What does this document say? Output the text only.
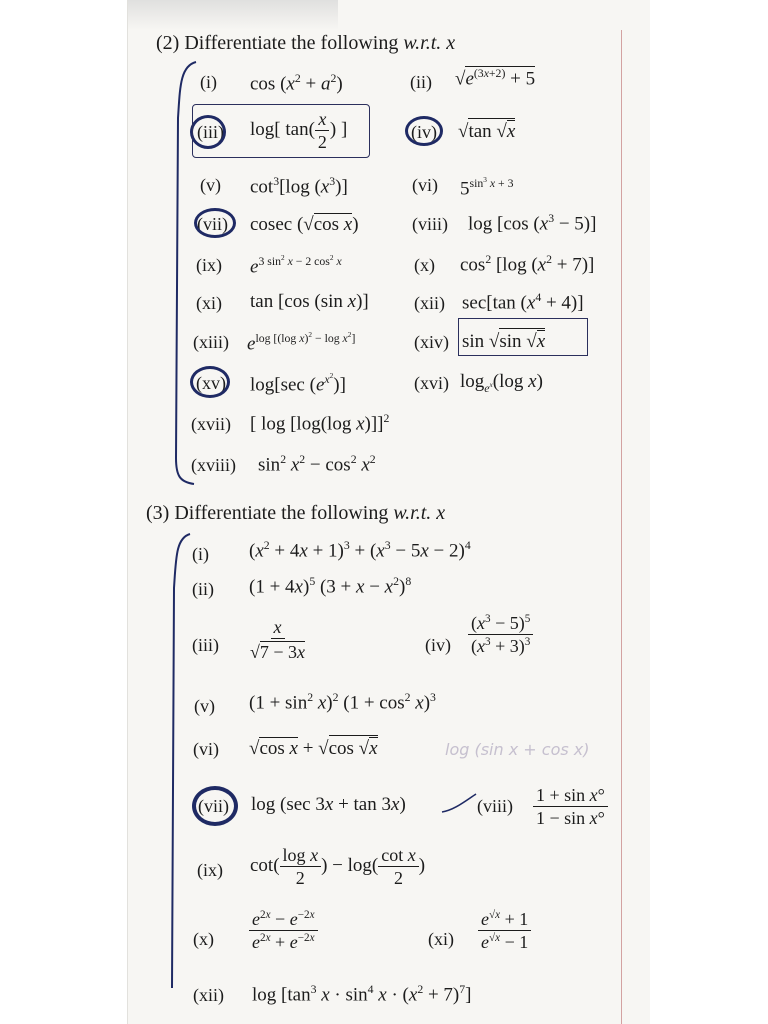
(2) Differentiate the following w.r.t. x
(i) $\cos (x^2 + a^2)$	(ii) $√e^{(3x+2)} + 5$
(iii) log[ $\tan( \frac{x}{2}$ ) ]	(iv) √tan √x
(v) $\cot^3[\log$ $(x^3)$]	(vi) $5^{sin^3 x + 3}$
(vii) cosec (√cos x)	(viii) log [cos $(x^3 - 5)$]
(ix) $e^{3 sin^2 x - 2 cos^2 x}$	(x) $\cos^2 [\log$ $(x^2 + 7)$]
(xi) tan [cos (sin x)]	(xii) sec[tan $(x^4 + 4)$]
(xiii) $e^{log [(log x)^2 - log x^2]}$	(xiv) sin √sin √x
(xv) log[sec $(e^{x^2})$]	(xvi) $\log_{e^x}(\log$ x)
(xvii) [ log [log(log x)]]$^2$
(xviii) $\sin^2 x^2 - \cos^2 x^2$
(3) Differentiate the following w.r.t. x
(i) $(x^2 + 4x + 1)^3 + (x^3 - 5x - 2)^4$
(ii) $(1 + 4x)^5$ $(3 + x - x^2)^8$
$(iii) \frac{x}{√7 - 3x}$	$(iv) \frac{(x^3 - 5)^5}{(x^3 + 3)^3}$
(v) $(1 + \sin^2 x)^2$ $(1 + \cos^2 x)^3$
(vi) √cos x + √cos √x	log (sin x + cos x)
(vii) log (sec 3x + tan 3x)	(viii) $\frac{\text{1 + sin x°}}{\text{1 − sin x°}}$
(ix) $\cot( \frac{\text{log x}}{2}$ ) − $\log( \frac{\text{cot x}}{2}$ )
$(x) \frac{e^{2x} - e^{-2x}}{e^{2x} + e^{-2x}}$	$(xi) \frac{e^{√x} + 1}{e^{√x} - 1}$
(xii) $\log [\tan^3$ $x \cdot \sin^4 x \cdot (x^2 + 7)^7$]
